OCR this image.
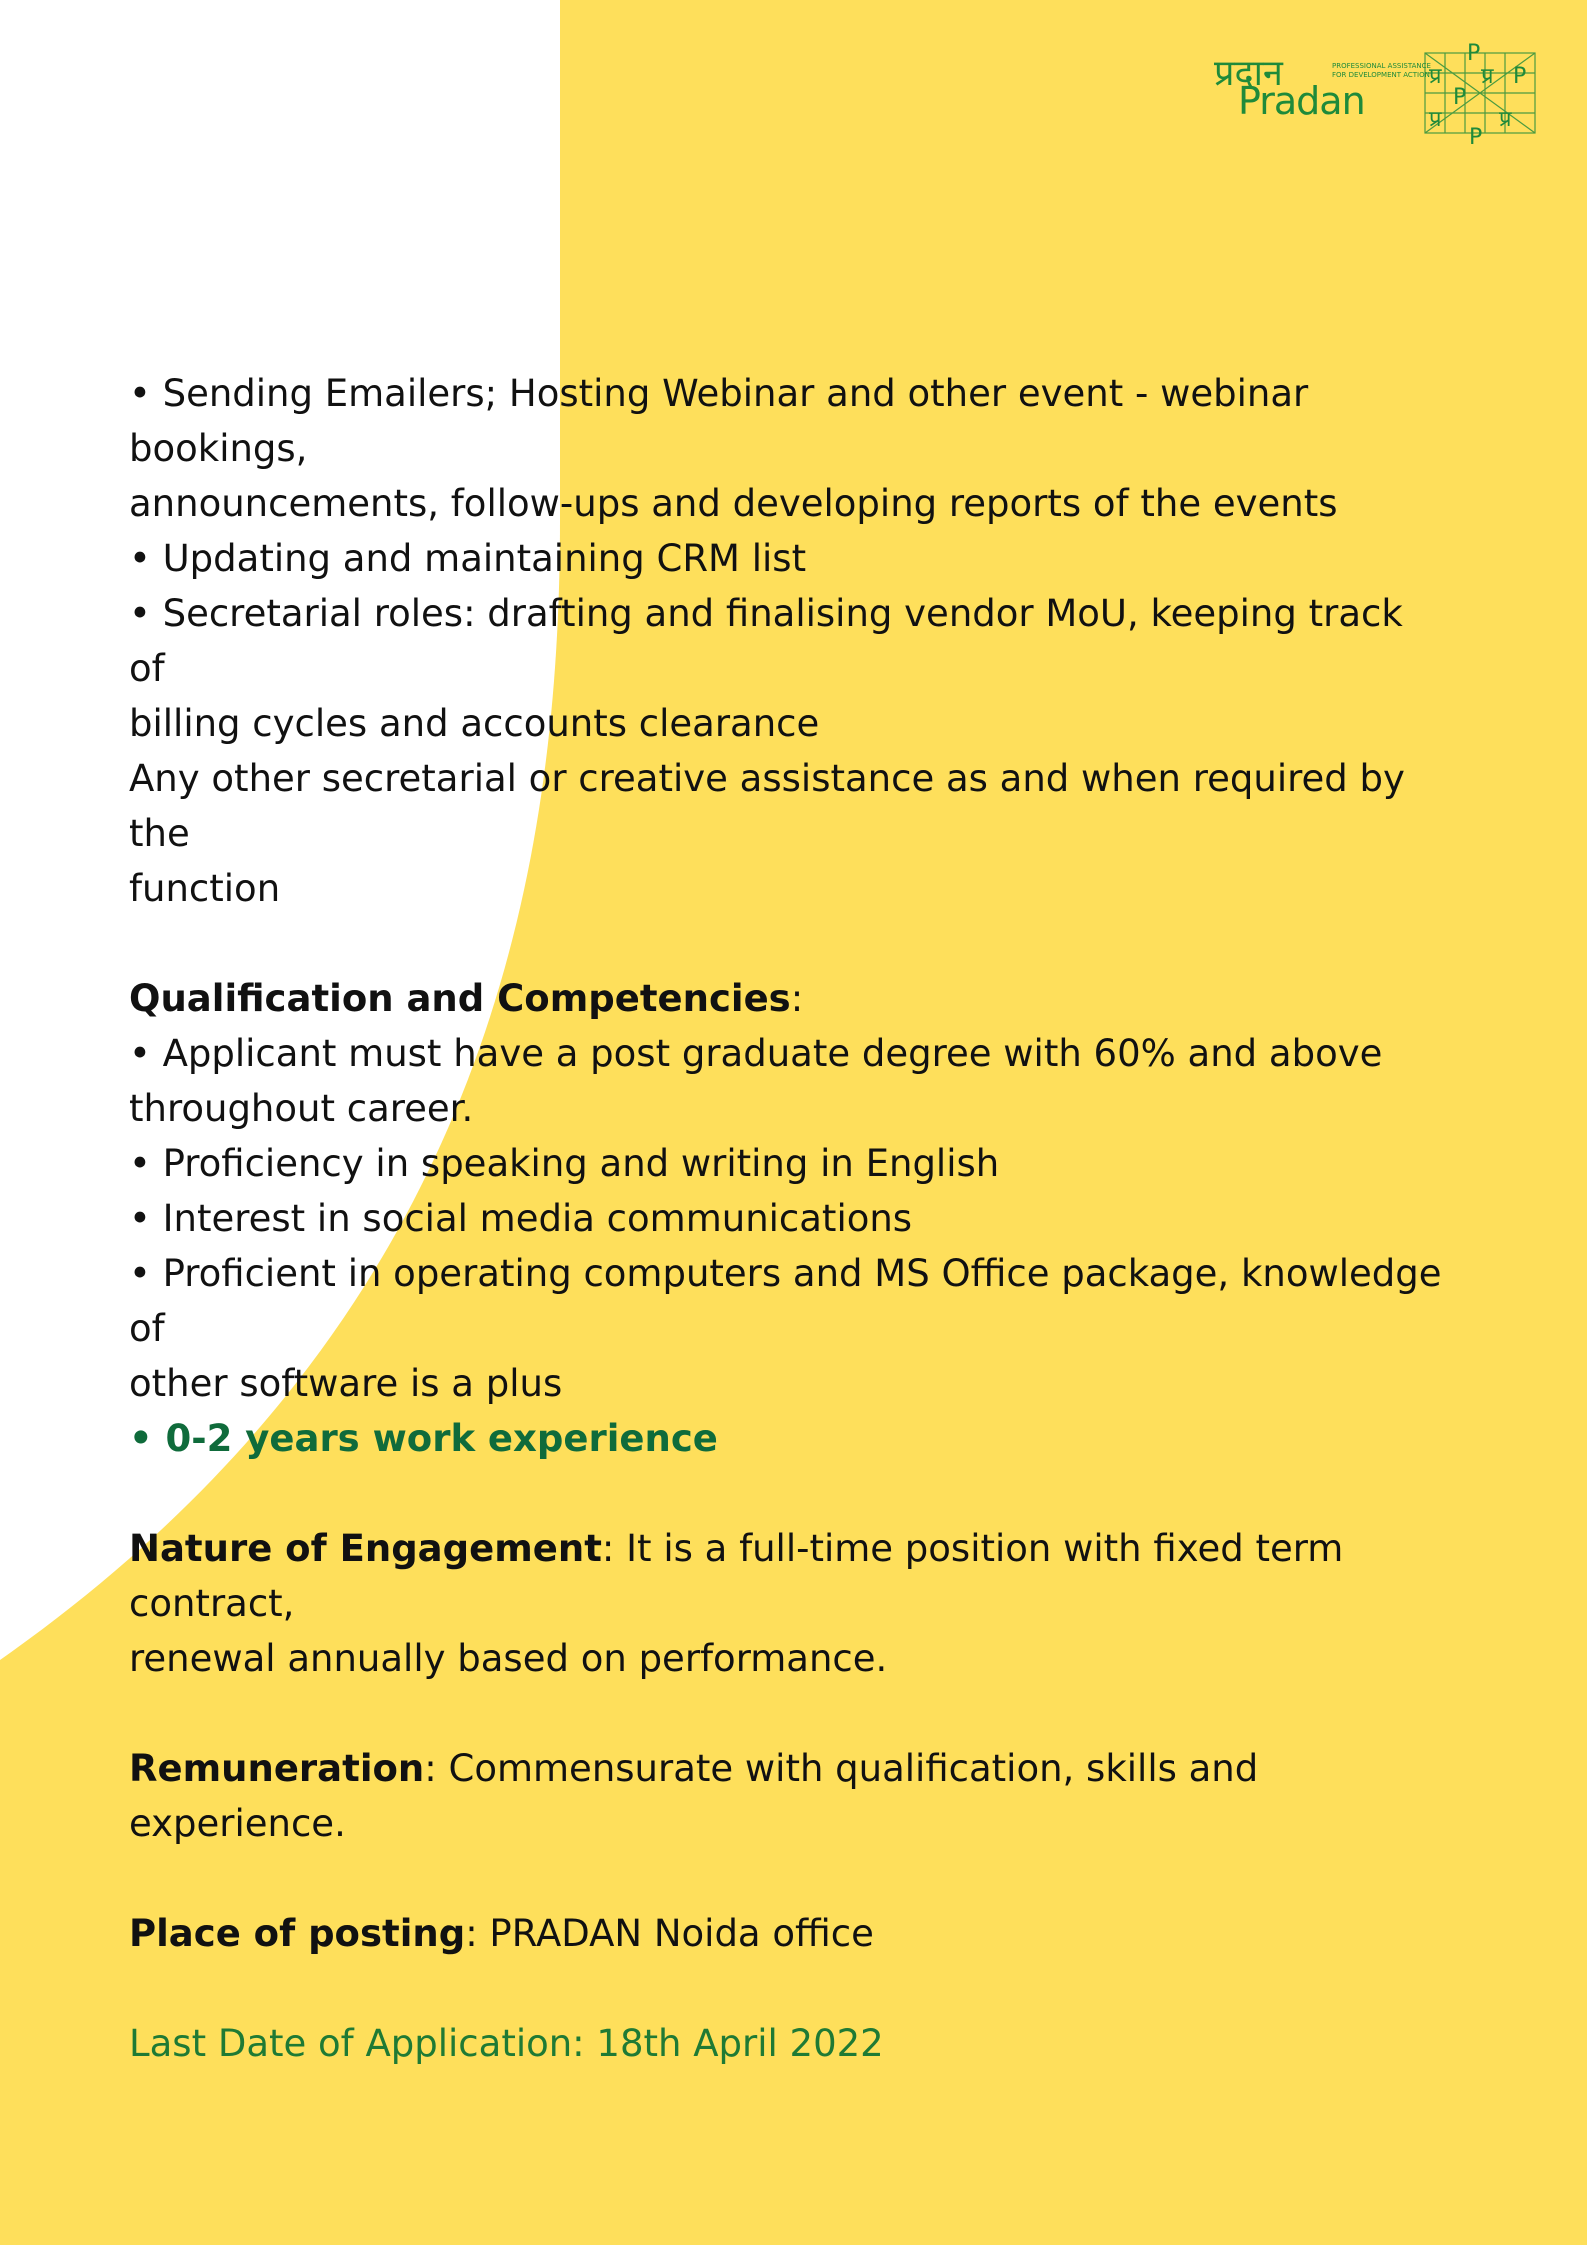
प्रदान
Pradan
PROFESSIONAL ASSISTANCE
FOR DEVELOPMENT ACTION
P
प्र प्र P
P
प्र	प्र
P

• Sending Emailers; Hosting Webinar and other event - webinar bookings,

announcements, follow-ups and developing reports of the events

• Updating and maintaining CRM list

• Secretarial roles: drafting and finalising vendor MoU, keeping track of

billing cycles and accounts clearance

Any other secretarial or creative assistance as and when required by the

function

Qualification and Competencies:

• Applicant must have a post graduate degree with 60% and above

throughout career.

• Proficiency in speaking and writing in English

• Interest in social media communications

• Proficient in operating computers and MS Office package, knowledge of

other software is a plus

• 0-2 years work experience

Nature of Engagement: It is a full-time position with fixed term contract,

renewal annually based on performance.

Remuneration: Commensurate with qualification, skills and experience.

Place of posting: PRADAN Noida office

Last Date of Application: 18th April 2022
